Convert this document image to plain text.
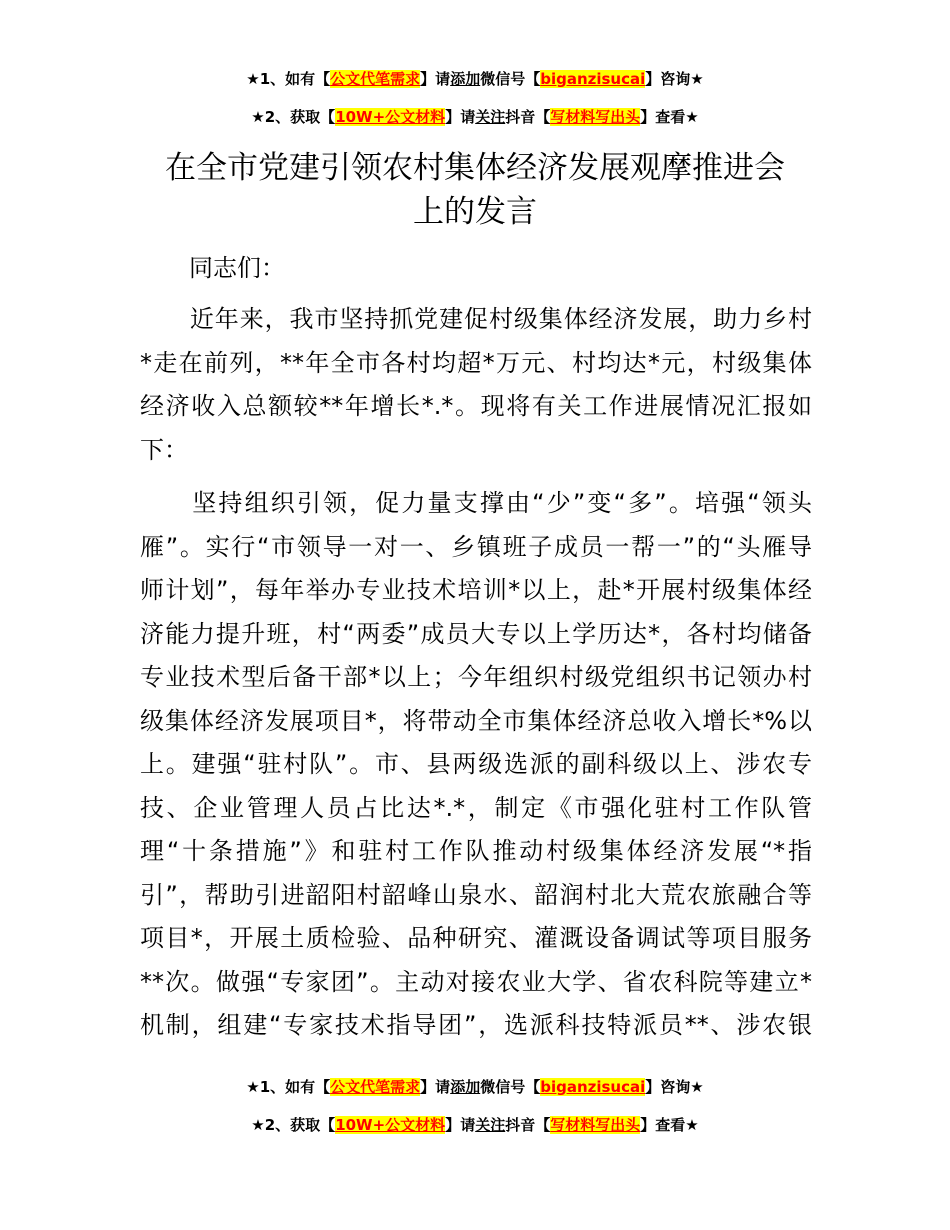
★1、如有【公文代笔需求】请添加微信号【biganzisucai】咨询★
★2、获取【10W+公文材料】请关注抖音【写材料写出头】查看★
在全市党建引领农村集体经济发展观摩推进会
上的发言
同志们：
　　近年来，我市坚持抓党建促村级集体经济发展，助力乡村
*走在前列，**年全市各村均超*万元、村均达*元，村级集体
经济收入总额较**年增长*.*。现将有关工作进展情况汇报如
下：
　　坚持组织引领，促力量支撑由“少”变“多”。培强“领头
雁”。实行“市领导一对一、乡镇班子成员一帮一”的“头雁导
师计划”，每年举办专业技术培训*以上，赴*开展村级集体经
济能力提升班，村“两委”成员大专以上学历达*，各村均储备
专业技术型后备干部*以上；今年组织村级党组织书记领办村
级集体经济发展项目*，将带动全市集体经济总收入增长*%以
上。建强“驻村队”。市、县两级选派的副科级以上、涉农专
技、企业管理人员占比达*.*，制定《市强化驻村工作队管
理“十条措施”》和驻村工作队推动村级集体经济发展“*指
引”，帮助引进韶阳村韶峰山泉水、韶润村北大荒农旅融合等
项目*，开展土质检验、品种研究、灌溉设备调试等项目服务
**次。做强“专家团”。主动对接农业大学、省农科院等建立*
机制，组建“专家技术指导团”，选派科技特派员**、涉农银
★1、如有【公文代笔需求】请添加微信号【biganzisucai】咨询★
★2、获取【10W+公文材料】请关注抖音【写材料写出头】查看★
